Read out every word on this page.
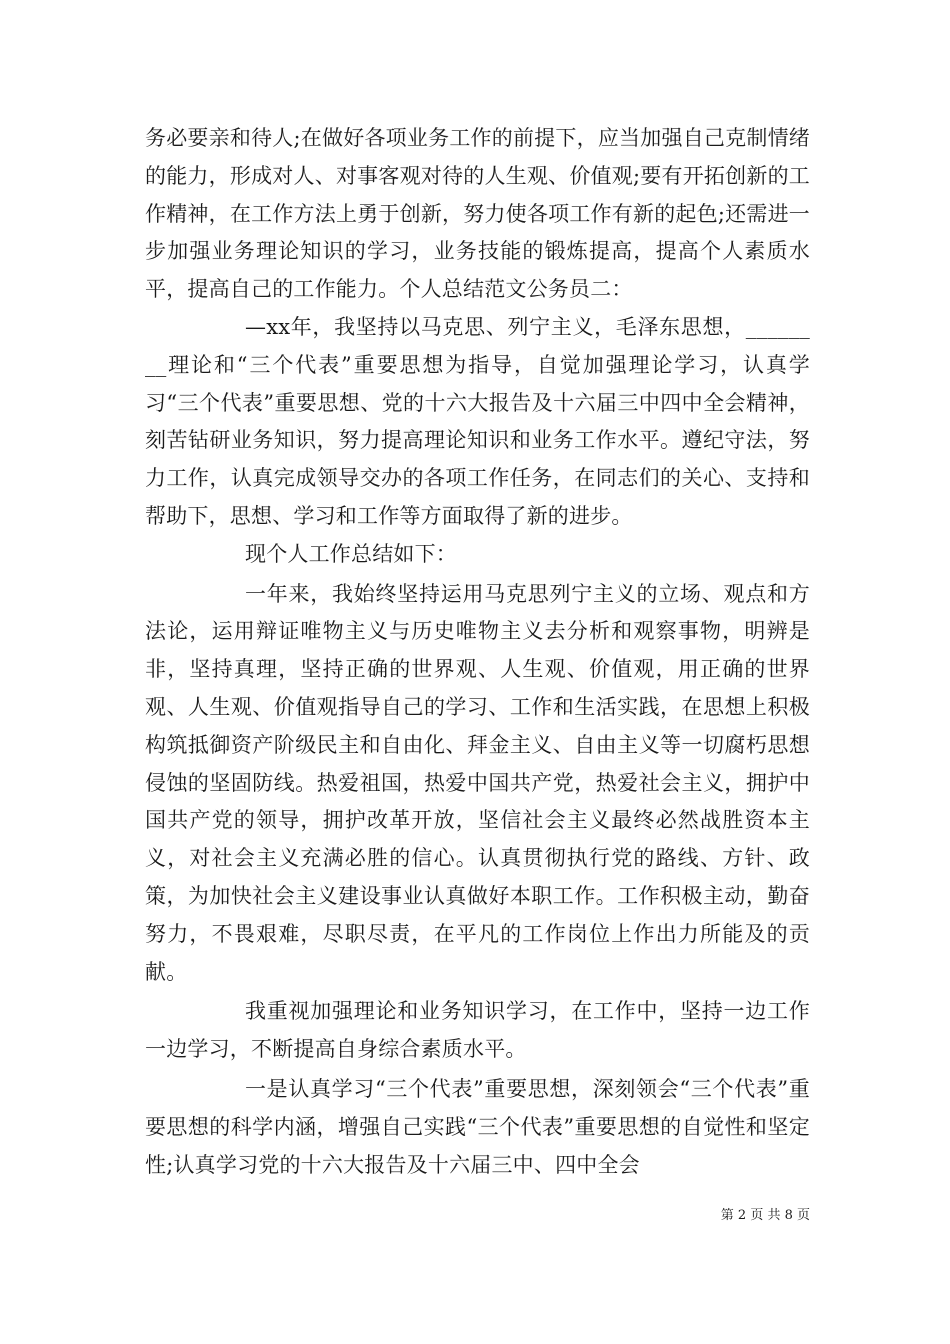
务必要亲和待人;在做好各项业务工作的前提下，应当加强自己克制情绪的能力，形成对人、对事客观对待的人生观、价值观;要有开拓创新的工作精神，在工作方法上勇于创新，努力使各项工作有新的起色;还需进一步加强业务理论知识的学习，业务技能的锻炼提高，提高个人素质水平，提高自己的工作能力。个人总结范文公务员二：

—xx年，我坚持以马克思、列宁主义，毛泽东思想，________理论和“三个代表”重要思想为指导，自觉加强理论学习，认真学习“三个代表”重要思想、党的十六大报告及十六届三中四中全会精神，刻苦钻研业务知识，努力提高理论知识和业务工作水平。遵纪守法，努力工作，认真完成领导交办的各项工作任务，在同志们的关心、支持和帮助下，思想、学习和工作等方面取得了新的进步。

现个人工作总结如下：

一年来，我始终坚持运用马克思列宁主义的立场、观点和方法论，运用辩证唯物主义与历史唯物主义去分析和观察事物，明辨是非，坚持真理，坚持正确的世界观、人生观、价值观，用正确的世界观、人生观、价值观指导自己的学习、工作和生活实践，在思想上积极构筑抵御资产阶级民主和自由化、拜金主义、自由主义等一切腐朽思想侵蚀的坚固防线。热爱祖国，热爱中国共产党，热爱社会主义，拥护中国共产党的领导，拥护改革开放，坚信社会主义最终必然战胜资本主义，对社会主义充满必胜的信心。认真贯彻执行党的路线、方针、政策，为加快社会主义建设事业认真做好本职工作。工作积极主动，勤奋努力，不畏艰难，尽职尽责，在平凡的工作岗位上作出力所能及的贡献。

我重视加强理论和业务知识学习，在工作中，坚持一边工作一边学习，不断提高自身综合素质水平。

一是认真学习“三个代表”重要思想，深刻领会“三个代表”重要思想的科学内涵，增强自己实践“三个代表”重要思想的自觉性和坚定性;认真学习党的十六大报告及十六届三中、四中全会

第 2 页 共 8 页
